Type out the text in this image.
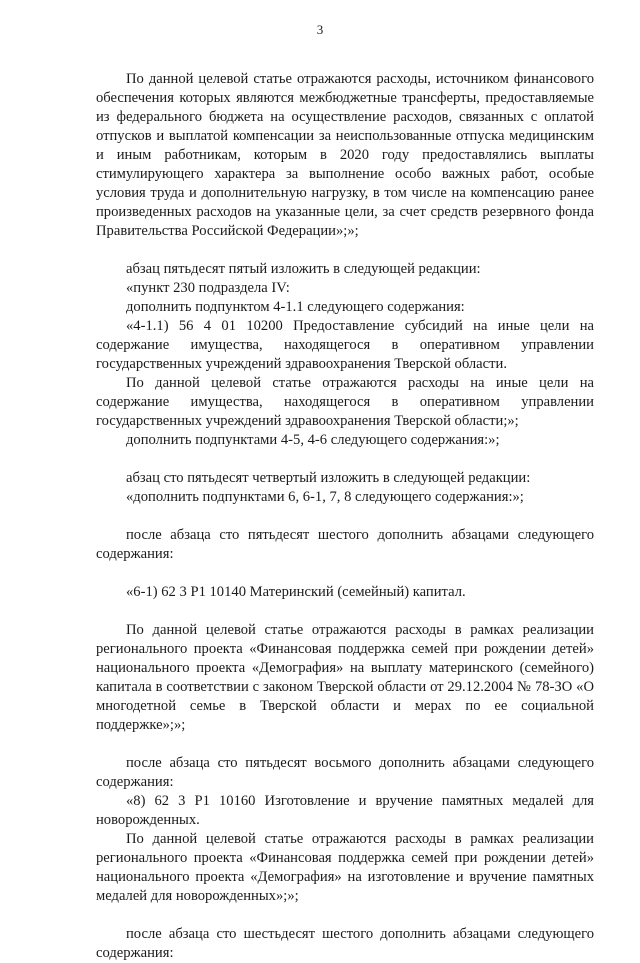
3

По данной целевой статье отражаются расходы, источником финансового обеспечения которых являются межбюджетные трансферты, предоставляемые из федерального бюджета на осуществление расходов, связанных с оплатой отпусков и выплатой компенсации за неиспользованные отпуска медицинским и иным работникам, которым в 2020 году предоставлялись выплаты стимулирующего характера за выполнение особо важных работ, особые условия труда и дополнительную нагрузку, в том числе на компенсацию ранее произведенных расходов на указанные цели, за счет средств резервного фонда Правительства Российской Федерации»;»;

абзац пятьдесят пятый изложить в следующей редакции:

«пункт 230 подраздела IV:

дополнить подпунктом 4-1.1 следующего содержания:

«4-1.1) 56 4 01 10200 Предоставление субсидий на иные цели на содержание имущества, находящегося в оперативном управлении государственных учреждений здравоохранения Тверской области.

По данной целевой статье отражаются расходы на иные цели на содержание имущества, находящегося в оперативном управлении государственных учреждений здравоохранения Тверской области;»;

дополнить подпунктами 4-5, 4-6 следующего содержания:»;

абзац сто пятьдесят четвертый изложить в следующей редакции:

«дополнить подпунктами 6, 6-1, 7, 8 следующего содержания:»;

после абзаца сто пятьдесят шестого дополнить абзацами следующего содержания:

«6-1) 62 3 P1 10140 Материнский (семейный) капитал.

По данной целевой статье отражаются расходы в рамках реализации регионального проекта «Финансовая поддержка семей при рождении детей» национального проекта «Демография» на выплату материнского (семейного) капитала в соответствии с законом Тверской области от 29.12.2004 № 78-ЗО «О многодетной семье в Тверской области и мерах по ее социальной поддержке»;»;

после абзаца сто пятьдесят восьмого дополнить абзацами следующего содержания:

«8) 62 3 P1 10160 Изготовление и вручение памятных медалей для новорожденных.

По данной целевой статье отражаются расходы в рамках реализации регионального проекта «Финансовая поддержка семей при рождении детей» национального проекта «Демография» на изготовление и вручение памятных медалей для новорожденных»;»;

после абзаца сто шестьдесят шестого дополнить абзацами следующего содержания:
